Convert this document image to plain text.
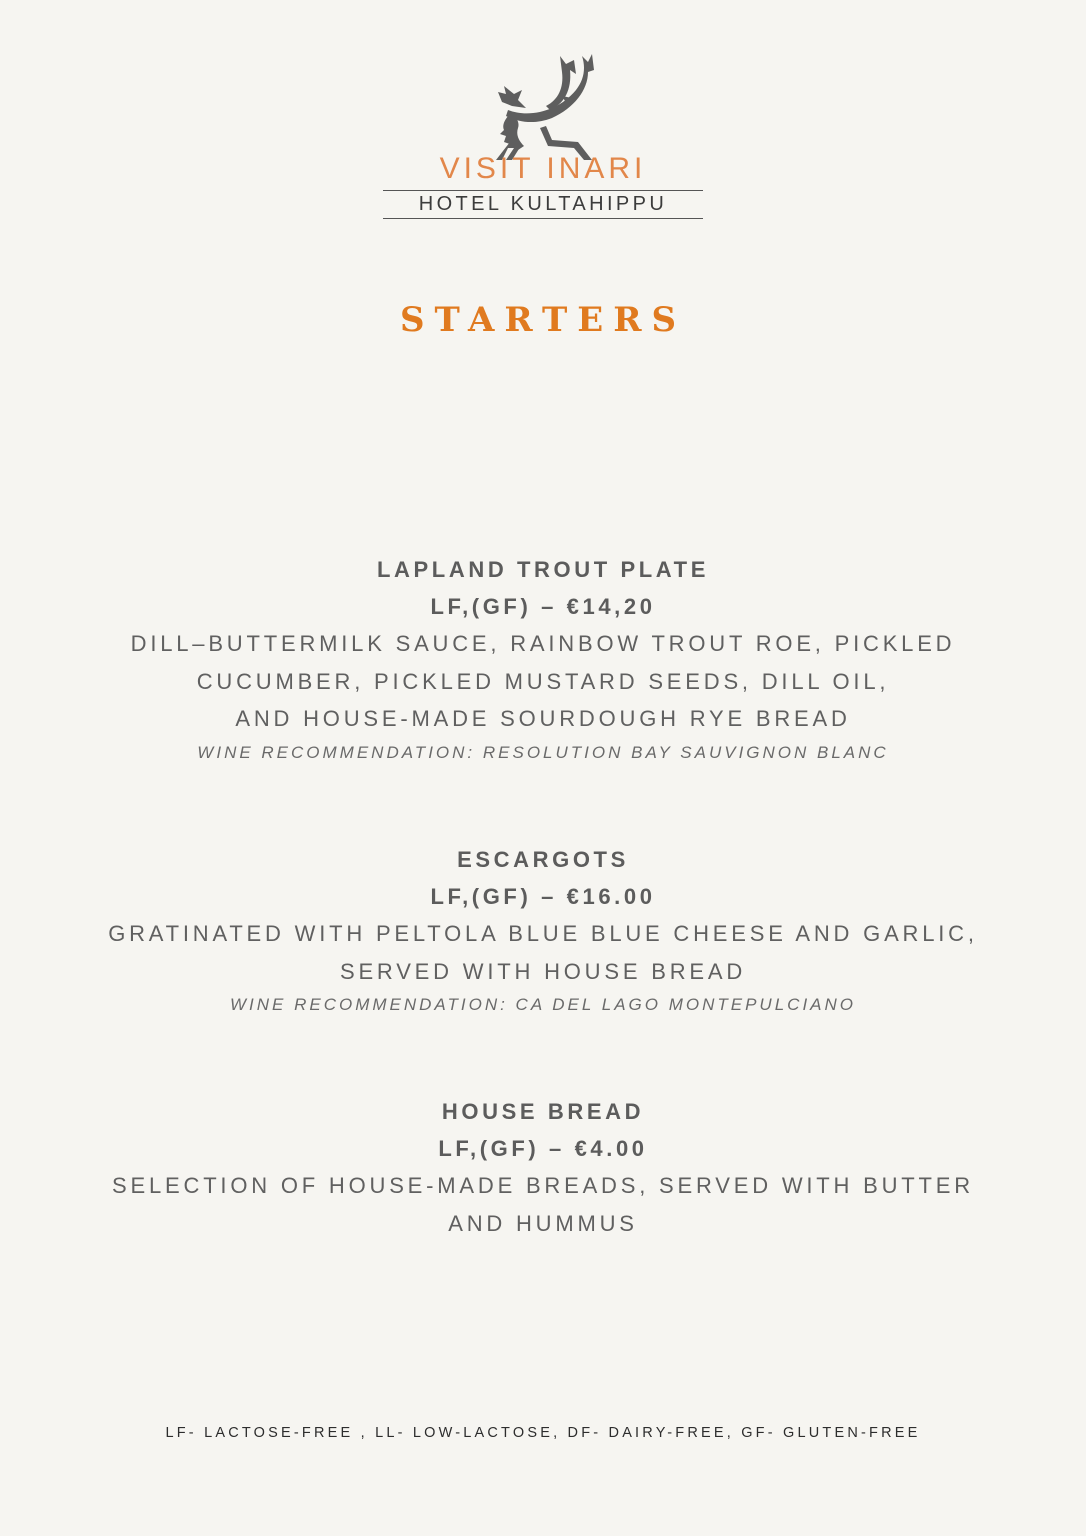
VISIT INARI
HOTEL KULTAHIPPU
STARTERS
LAPLAND TROUT PLATE
LF,(GF) – €14,20
DILL–BUTTERMILK SAUCE, RAINBOW TROUT ROE, PICKLED
CUCUMBER, PICKLED MUSTARD SEEDS, DILL OIL,
AND HOUSE-MADE SOURDOUGH RYE BREAD
WINE RECOMMENDATION: RESOLUTION BAY SAUVIGNON BLANC
ESCARGOTS
LF,(GF) – €16.00
GRATINATED WITH PELTOLA BLUE BLUE CHEESE AND GARLIC,
SERVED WITH HOUSE BREAD
WINE RECOMMENDATION: CA DEL LAGO MONTEPULCIANO
HOUSE BREAD
LF,(GF) – €4.00
SELECTION OF HOUSE-MADE BREADS, SERVED WITH BUTTER
AND HUMMUS
LF- LACTOSE-FREE , LL- LOW-LACTOSE, DF- DAIRY-FREE, GF- GLUTEN-FREE
